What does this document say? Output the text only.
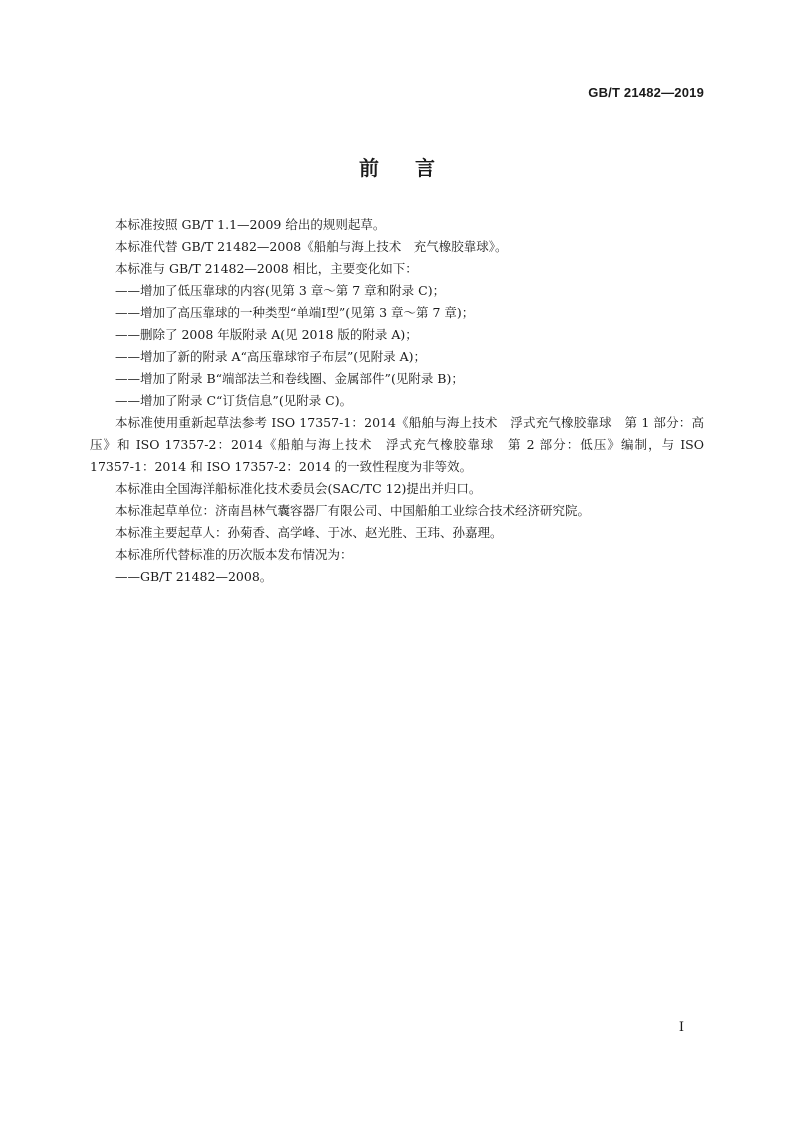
GB/T 21482—2019
前言

本标准按照 GB/T 1.1—2009 给出的规则起草。

本标准代替 GB/T 21482—2008《船舶与海上技术　充气橡胶靠球》。

本标准与 GB/T 21482—2008 相比，主要变化如下：

——增加了低压靠球的内容(见第 3 章～第 7 章和附录 C)；

——增加了高压靠球的一种类型“单端Ⅰ型”(见第 3 章～第 7 章)；

——删除了 2008 年版附录 A(见 2018 版的附录 A)；

——增加了新的附录 A“高压靠球帘子布层”(见附录 A)；

——增加了附录 B“端部法兰和卷线圈、金属部件”(见附录 B)；

——增加了附录 C“订货信息”(见附录 C)。

本标准使用重新起草法参考 ISO 17357-1：2014《船舶与海上技术　浮式充气橡胶靠球　第 1 部分：高压》和 ISO 17357-2：2014《船舶与海上技术　浮式充气橡胶靠球　第 2 部分：低压》编制，与 ISO 17357-1：2014 和 ISO 17357-2：2014 的一致性程度为非等效。

本标准由全国海洋船标准化技术委员会(SAC/TC 12)提出并归口。

本标准起草单位：济南昌林气囊容器厂有限公司、中国船舶工业综合技术经济研究院。

本标准主要起草人：孙菊香、高学峰、于冰、赵光胜、王玮、孙嘉理。

本标准所代替标准的历次版本发布情况为：

——GB/T 21482—2008。

I
